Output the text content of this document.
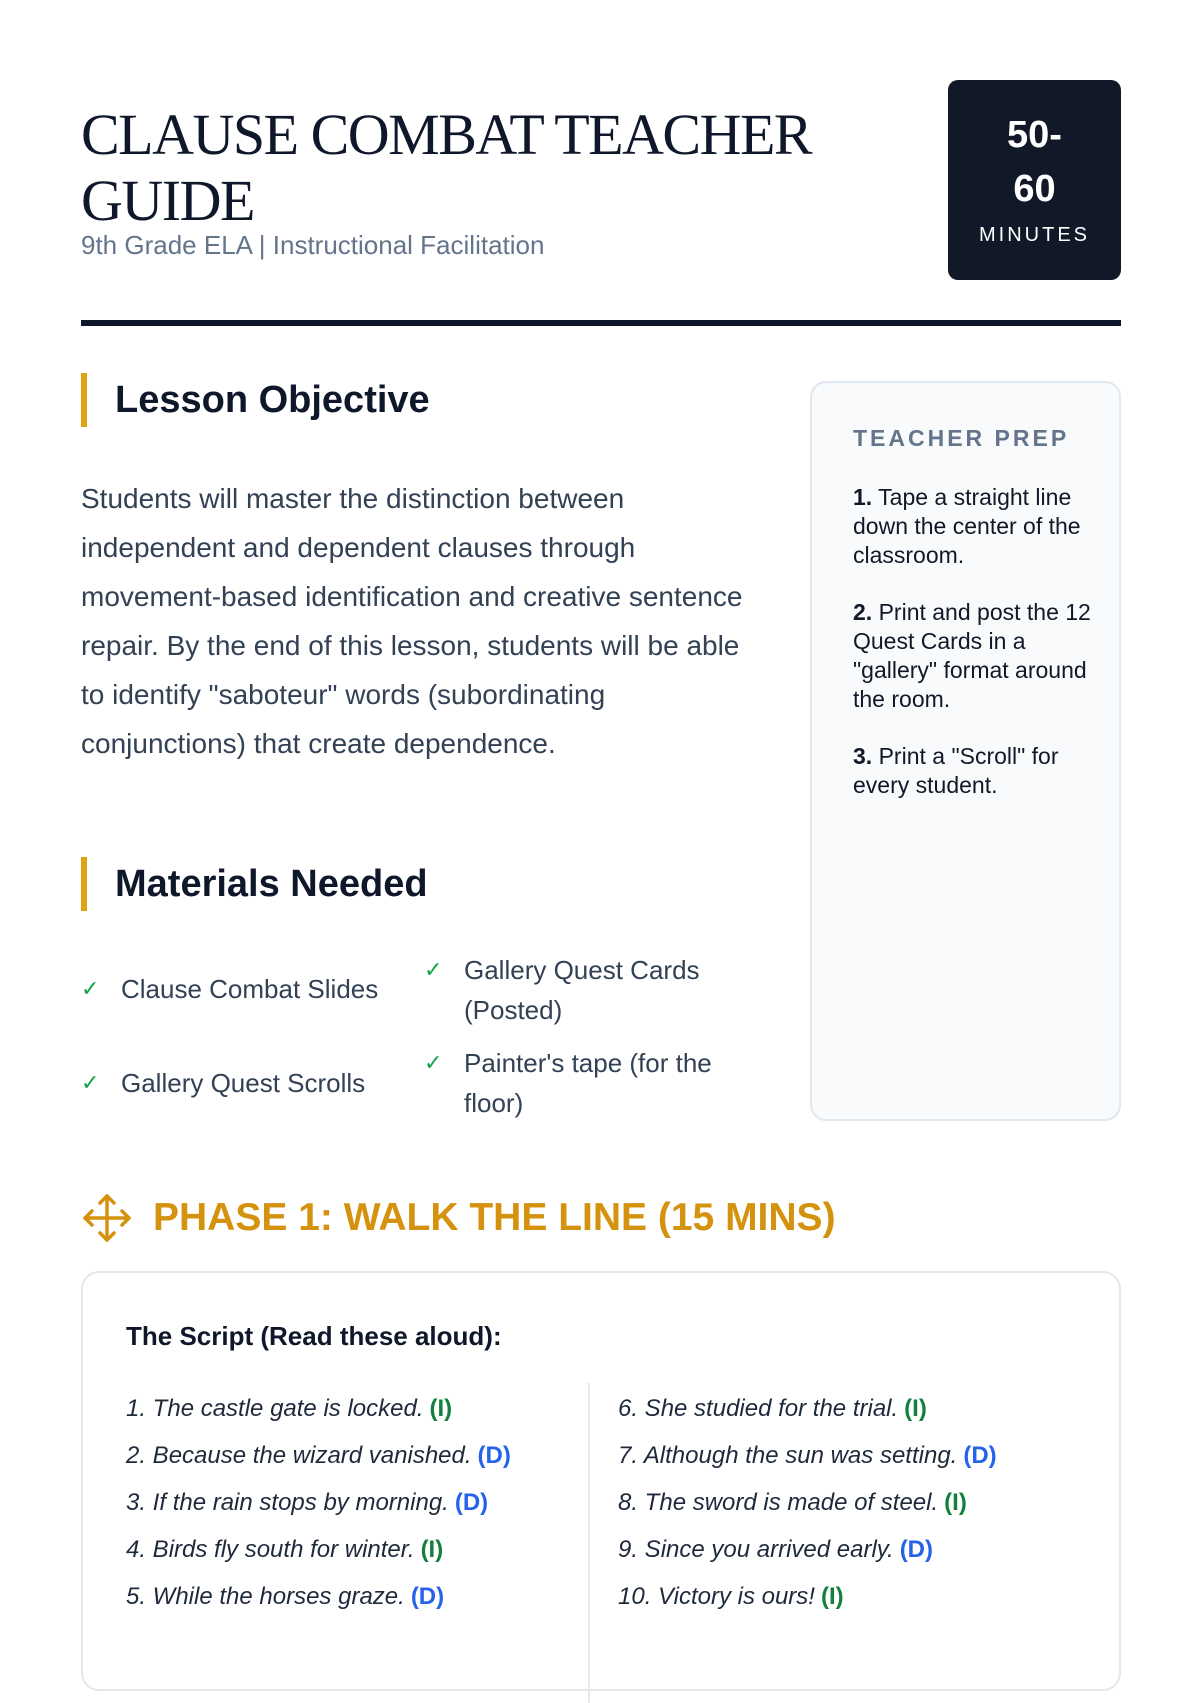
CLAUSE COMBAT TEACHER GUIDE
9th Grade ELA | Instructional Facilitation
50-
60
MINUTES
Lesson Objective

Students will master the distinction between independent and dependent clauses through movement-based identification and creative sentence repair. By the end of this lesson, students will be able to identify "saboteur" words (subordinating conjunctions) that create dependence.

Materials Needed
✓ Clause Combat Slides
✓ Gallery Quest Cards (Posted)
✓ Gallery Quest Scrolls
✓ Painter's tape (for the floor)
TEACHER PREP
1. Tape a straight line down the center of the classroom.
2. Print and post the 12 Quest Cards in a "gallery" format around the room.
3. Print a "Scroll" for every student.
PHASE 1: WALK THE LINE (15 MINS)
The Script (Read these aloud):
1. The castle gate is locked. (I)
2. Because the wizard vanished. (D)
3. If the rain stops by morning. (D)
4. Birds fly south for winter. (I)
5. While the horses graze. (D)
6. She studied for the trial. (I)
7. Although the sun was setting. (D)
8. The sword is made of steel. (I)
9. Since you arrived early. (D)
10. Victory is ours! (I)
